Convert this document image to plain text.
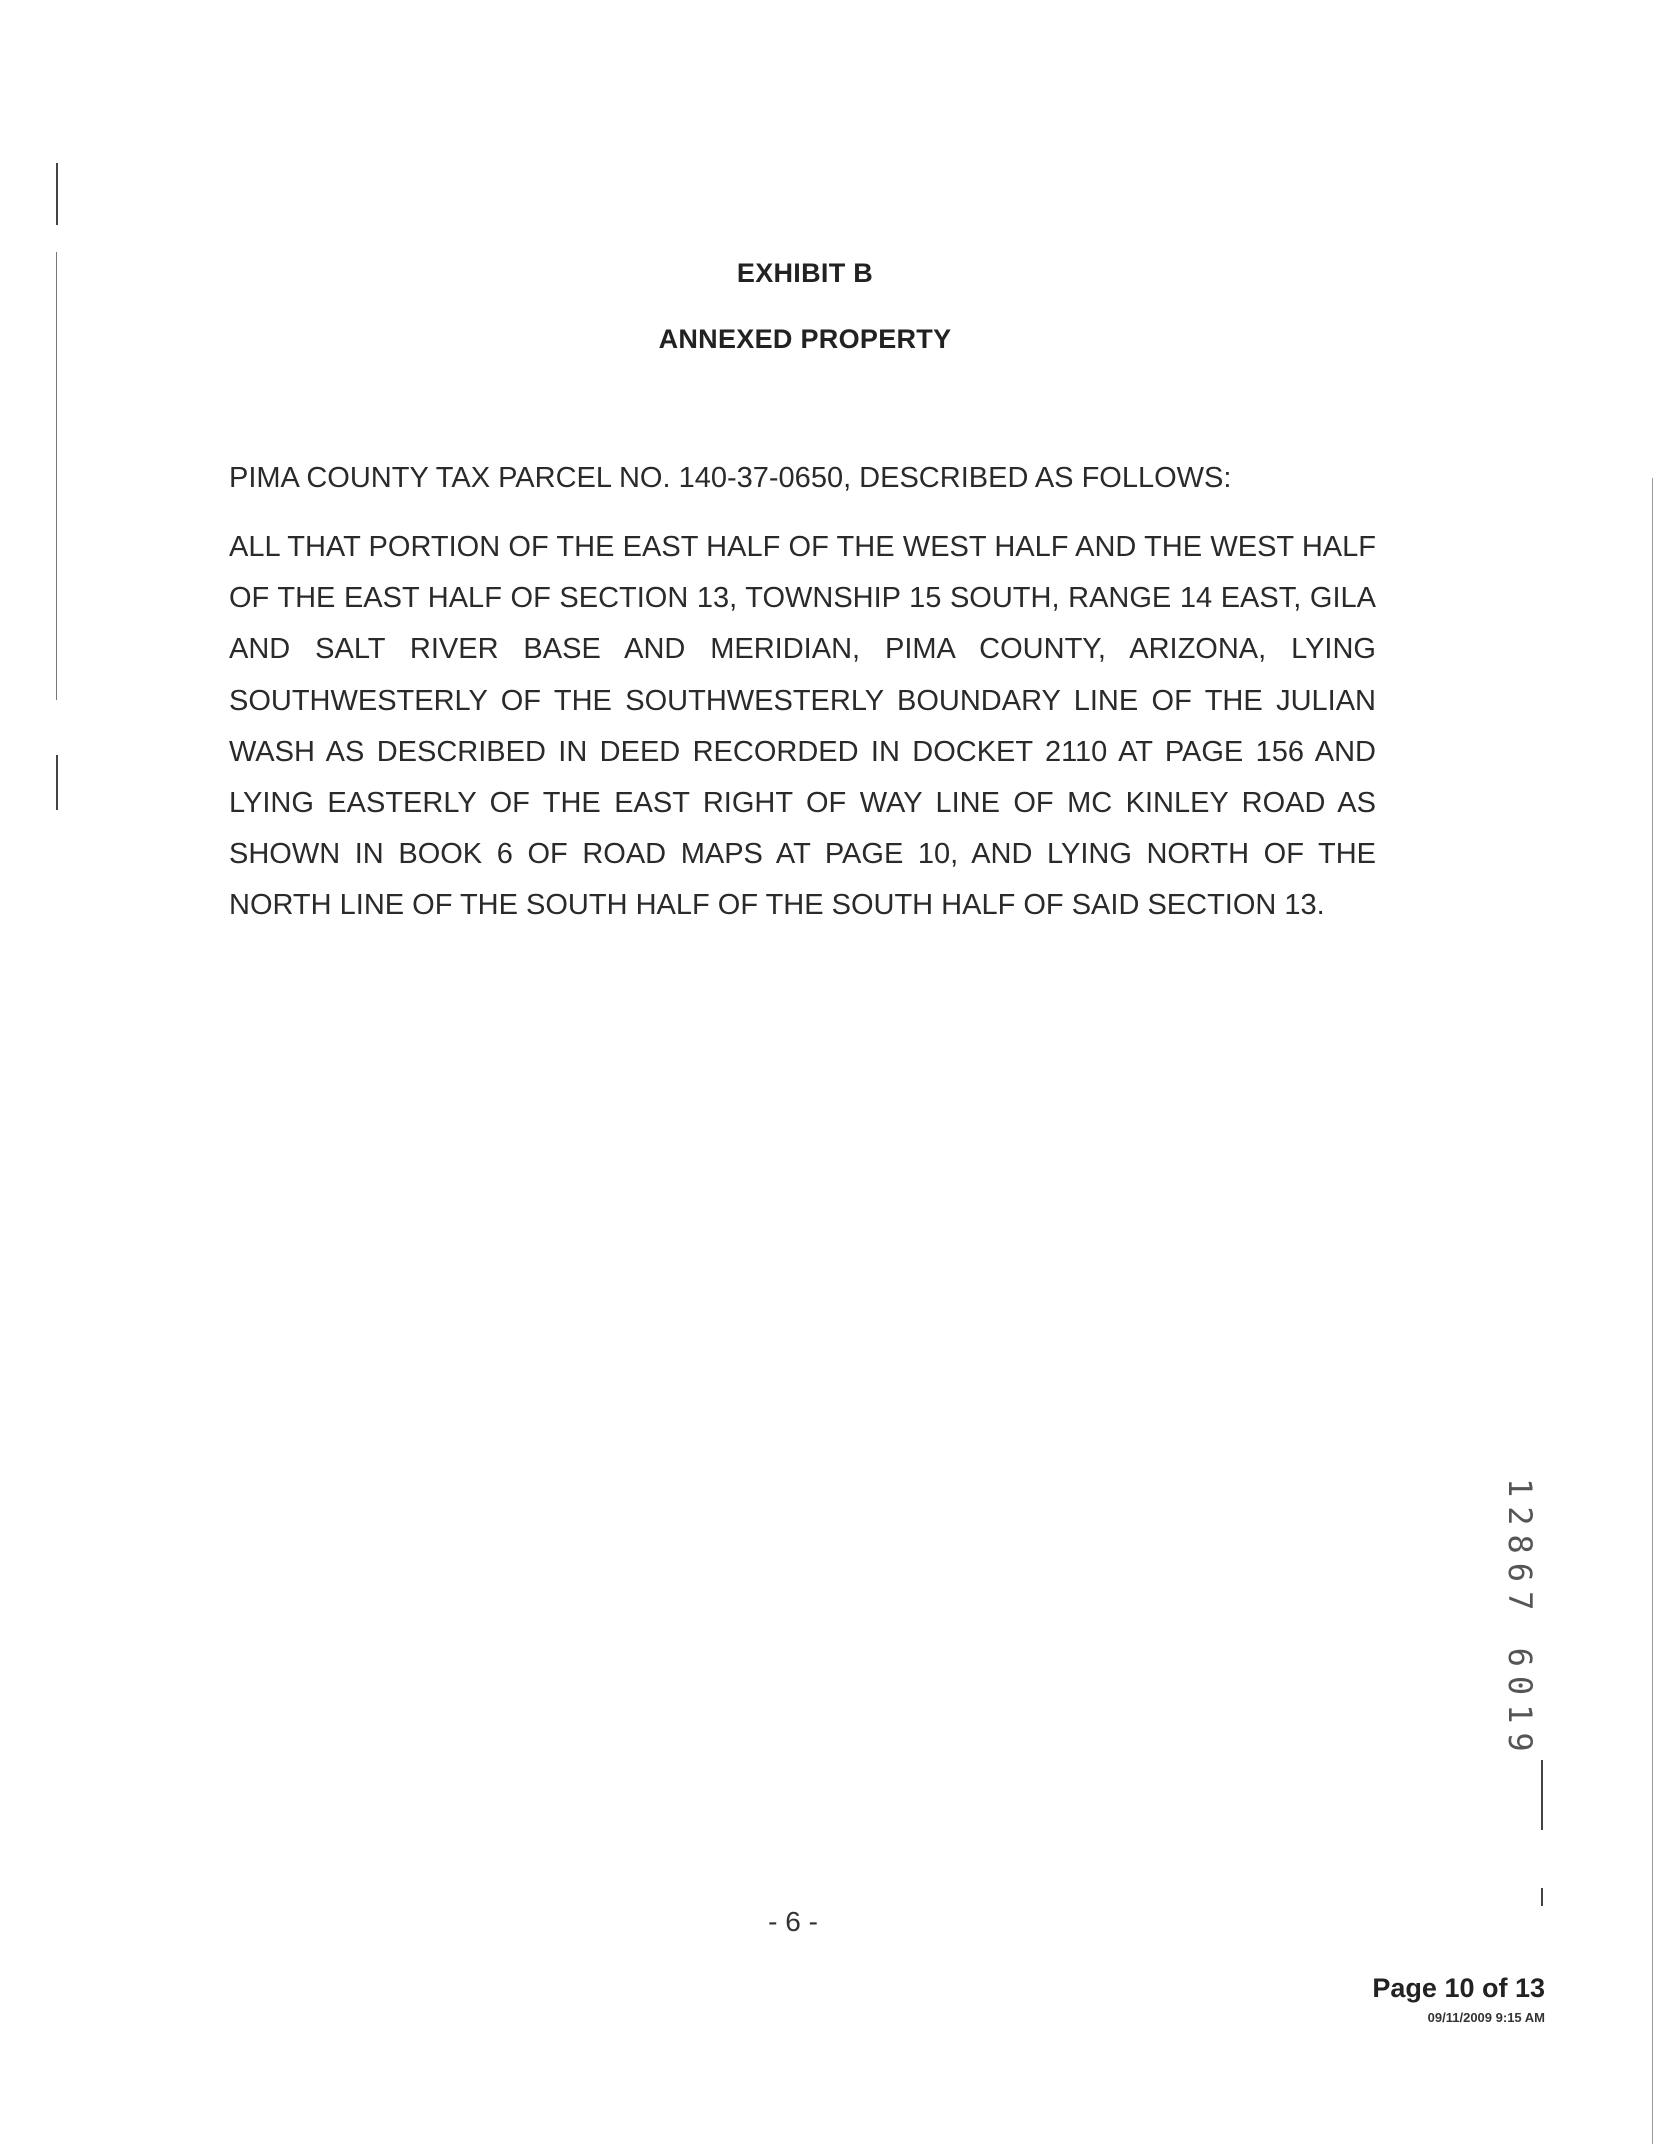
EXHIBIT B
ANNEXED PROPERTY
PIMA COUNTY TAX PARCEL NO. 140-37-0650, DESCRIBED AS FOLLOWS:
ALL THAT PORTION OF THE EAST HALF OF THE WEST HALF AND THE WEST HALF OF THE EAST HALF OF SECTION 13, TOWNSHIP 15 SOUTH, RANGE 14 EAST, GILA AND SALT RIVER BASE AND MERIDIAN, PIMA COUNTY, ARIZONA, LYING SOUTHWESTERLY OF THE SOUTHWESTERLY BOUNDARY LINE OF THE JULIAN WASH AS DESCRIBED IN DEED RECORDED IN DOCKET 2110 AT PAGE 156 AND LYING EASTERLY OF THE EAST RIGHT OF WAY LINE OF MC KINLEY ROAD AS SHOWN IN BOOK 6 OF ROAD MAPS AT PAGE 10, AND LYING NORTH OF THE NORTH LINE OF THE SOUTH HALF OF THE SOUTH HALF OF SAID SECTION 13.
- 6 -
12867 6019
Page 10 of 13
09/11/2009 9:15 AM
